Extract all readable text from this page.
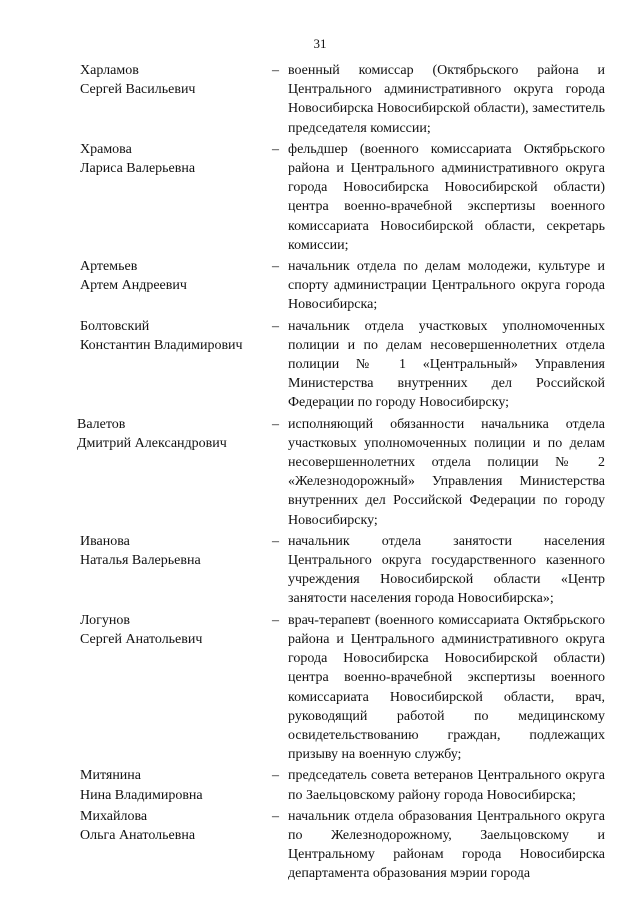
31
Харламов
Сергей Васильевич
– военный комиссар (Октябрьского района и Центрального административного округа города Новосибирска Новосибирской области), заместитель председателя комиссии;
Храмова
Лариса Валерьевна
– фельдшер (военного комиссариата Октябрьского района и Центрального административного округа города Новосибирска Новосибирской области) центра военно-врачебной экспертизы военного комиссариата Новосибирской области, секретарь комиссии;
Артемьев
Артем Андреевич
– начальник отдела по делам молодежи, культуре и спорту администрации Центрального округа города Новосибирска;
Болтовский
Константин Владимирович
– начальник отдела участковых уполномоченных полиции и по делам несовершеннолетних отдела полиции № 1 «Центральный» Управления Министерства внутренних дел Российской Федерации по городу Новосибирску;
Валетов
Дмитрий Александрович
– исполняющий обязанности начальника отдела участковых уполномоченных полиции и по делам несовершеннолетних отдела полиции № 2 «Железнодорожный» Управления Министерства внутренних дел Российской Федерации по городу Новосибирску;
Иванова
Наталья Валерьевна
– начальник отдела занятости населения Центрального округа государственного казенного учреждения Новосибирской области «Центр занятости населения города Новосибирска»;
Логунов
Сергей Анатольевич
– врач-терапевт (военного комиссариата Октябрьского района и Центрального административного округа города Новосибирска Новосибирской области) центра военно-врачебной экспертизы военного комиссариата Новосибирской области, врач, руководящий работой по медицинскому освидетельствованию граждан, подлежащих призыву на военную службу;
Митянина
Нина Владимировна
– председатель совета ветеранов Центрального округа по Заельцовскому району города Новосибирска;
Михайлова
Ольга Анатольевна
– начальник отдела образования Центрального округа по Железнодорожному, Заельцовскому и Центральному районам города Новосибирска департамента образования мэрии города
